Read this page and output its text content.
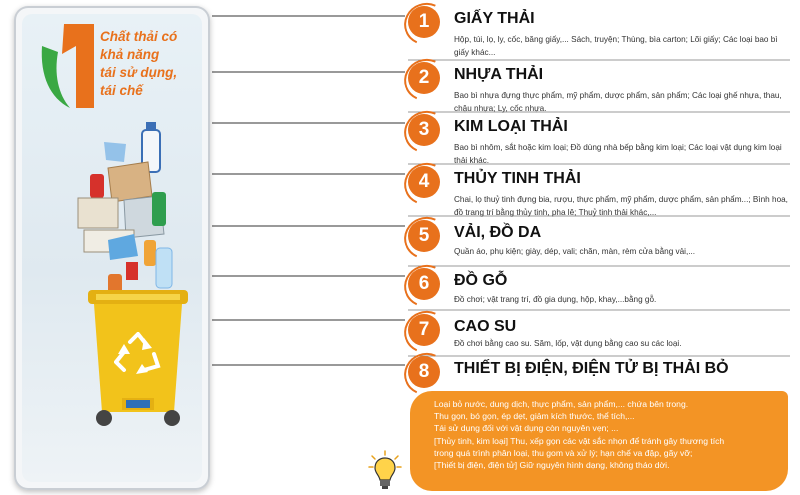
Chất thải có
khả năng
tái sử dụng,
tái chế
1	GIẤY THẢI
Hộp, túi, lọ, ly, cốc, băng giấy,... Sách, truyện; Thùng, bìa carton; Lõi giấy; Các loại bao bì giấy khác...
2	NHỰA THẢI
Bao bì nhựa đựng thực phẩm, mỹ phẩm, dược phẩm, sản phẩm; Các loại ghế nhựa, thau, chậu nhựa; Ly, cốc nhựa.
3	KIM LOẠI THẢI
Bao bì nhôm, sắt hoặc kim loại; Đồ dùng nhà bếp bằng kim loại; Các loại vật dụng kim loại thải khác.
4	THỦY TINH THẢI
Chai, lọ thuỷ tinh đựng bia, rượu, thực phẩm, mỹ phẩm, dược phẩm, sản phẩm...; Bình hoa, đồ trang trí bằng thủy tinh, pha lê; Thuỷ tinh thải khác,...
5	VẢI, ĐỒ DA
Quần áo, phụ kiện; giày, dép, vali; chăn, màn, rèm cửa bằng vải,...
6	ĐỒ GỖ
Đồ chơi; vật trang trí, đồ gia dụng, hộp, khay,...bằng gỗ.
7	CAO SU
Đồ chơi bằng cao su. Săm, lốp, vật dụng bằng cao su các loại.
8	THIẾT BỊ ĐIỆN, ĐIỆN TỬ BỊ THẢI BỎ
Loại bỏ nước, dung dịch, thực phẩm, sản phẩm,... chứa bên trong.
Thu gọn, bó gọn, ép dẹt, giảm kích thước, thể tích,...
Tái sử dụng đối với vật dụng còn nguyên vẹn; ...
[Thủy tinh, kim loại] Thu, xếp gọn các vật sắc nhọn để tránh gây thương tích
trong quá trình phân loại, thu gom và xử lý; hạn chế va đập, gãy vỡ;
[Thiết bị điện, điện tử] Giữ nguyên hình dạng, không tháo dời.
